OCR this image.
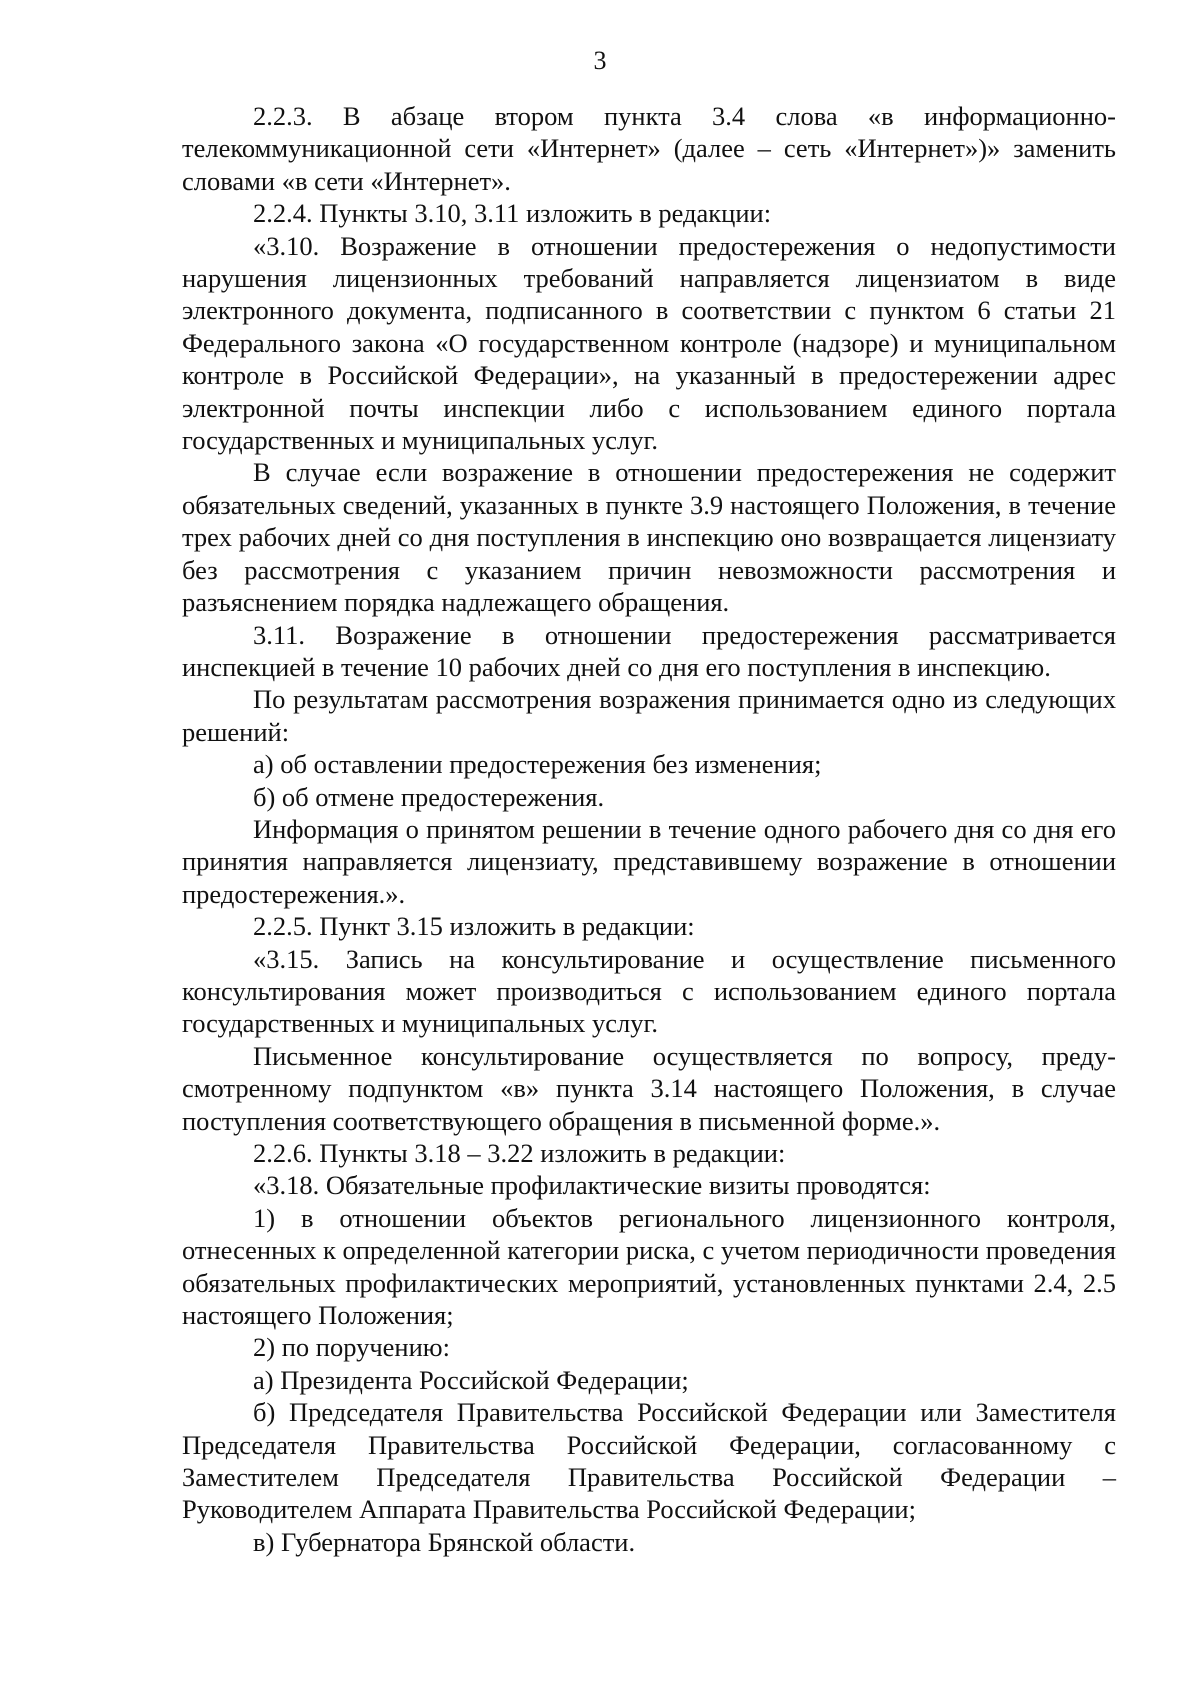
3

2.2.3. В абзаце втором пункта 3.4 слова «в информационно-телекоммуникационной сети «Интернет» (далее – сеть «Интернет»)» заменить словами «в сети «Интернет».

2.2.4. Пункты 3.10, 3.11 изложить в редакции:

«3.10. Возражение в отношении предостережения о недопустимости нарушения лицензионных требований направляется лицензиатом в виде электронного документа, подписанного в соответствии с пунктом 6 статьи 21 Федерального закона «О государственном контроле (надзоре) и муниципальном контроле в Российской Федерации», на указанный в предостережении адрес электронной почты инспекции либо с использованием единого портала государственных и муниципальных услуг.

В случае если возражение в отношении предостережения не содержит обязательных сведений, указанных в пункте 3.9 настоящего Положения, в течение трех рабочих дней со дня поступления в инспекцию оно возвращается лицензиату без рассмотрения с указанием причин невозможности рассмотрения и разъяснением порядка надлежащего обращения.

3.11. Возражение в отношении предостережения рассматривается инспекцией в течение 10 рабочих дней со дня его поступления в инспекцию.

По результатам рассмотрения возражения принимается одно из следующих решений:

а) об оставлении предостережения без изменения;

б) об отмене предостережения.

Информация о принятом решении в течение одного рабочего дня со дня его принятия направляется лицензиату, представившему возражение в отношении предостережения.».

2.2.5. Пункт 3.15 изложить в редакции:

«3.15. Запись на консультирование и осуществление письменного консультирования может производиться с использованием единого портала государственных и муниципальных услуг.

Письменное консультирование осуществляется по вопросу, предусмотренному подпунктом «в» пункта 3.14 настоящего Положения, в случае поступления соответствующего обращения в письменной форме.».

2.2.6. Пункты 3.18 – 3.22 изложить в редакции:

«3.18. Обязательные профилактические визиты проводятся:

1) в отношении объектов регионального лицензионного контроля, отнесенных к определенной категории риска, с учетом периодичности проведения обязательных профилактических мероприятий, установленных пунктами 2.4, 2.5 настоящего Положения;

2) по поручению:

а) Президента Российской Федерации;

б) Председателя Правительства Российской Федерации или Заместителя Председателя Правительства Российской Федерации, согласованному с Заместителем Председателя Правительства Российской Федерации – Руководителем Аппарата Правительства Российской Федерации;

в) Губернатора Брянской области.
